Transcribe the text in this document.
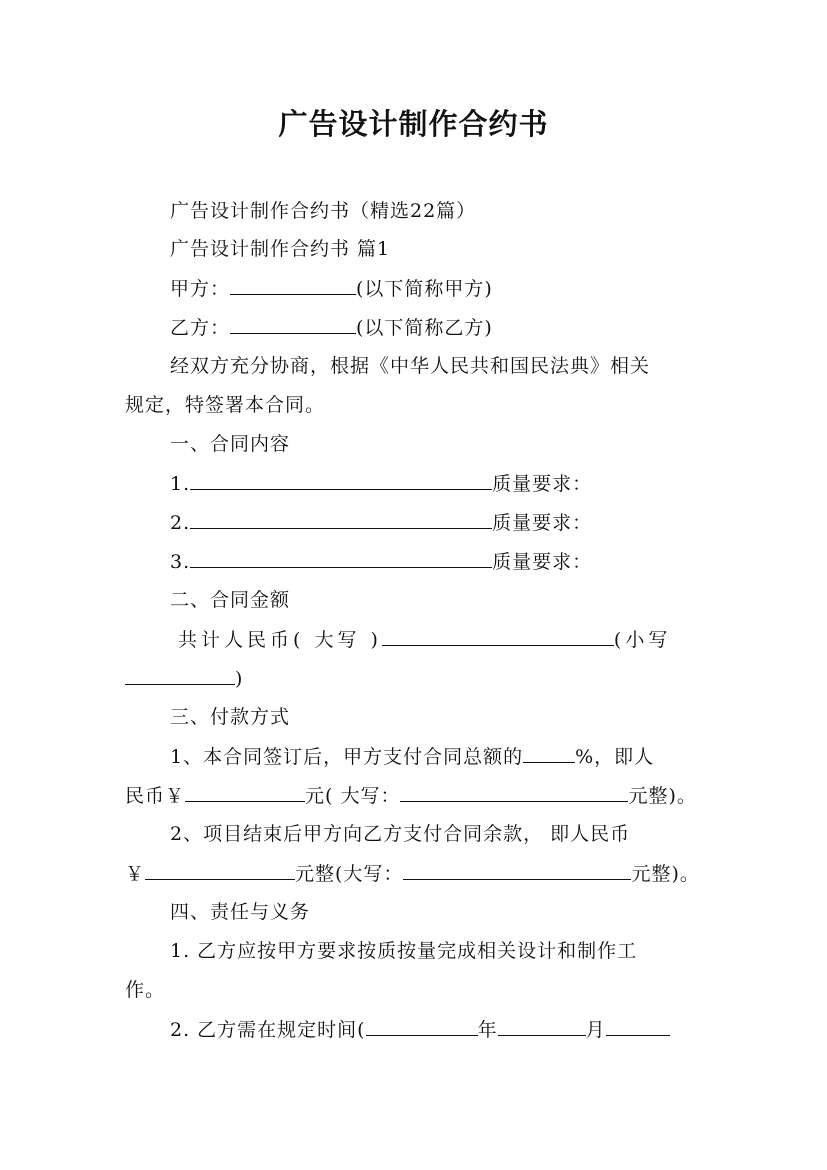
广告设计制作合约书
广告设计制作合约书（精选22篇）
广告设计制作合约书 篇1
甲方：	(以下简称甲方)
乙方：	(以下简称乙方)
经双方充分协商，根据《中华人民共和国民法典》相关
规定，特签署本合同。
一、合同内容
1.	质量要求：
2.	质量要求：
3.	质量要求：
二、合同金额
共计人民币( 大写 )	(小写
)
三、付款方式
1、本合同签订后，甲方支付合同总额的	%，即人
民币￥	元( 大写：	元整)。
2、项目结束后甲方向乙方支付合同余款， 即人民币
￥	元整(大写：	元整)。
四、责任与义务
1. 乙方应按甲方要求按质按量完成相关设计和制作工
作。
2. 乙方需在规定时间(	年	月
